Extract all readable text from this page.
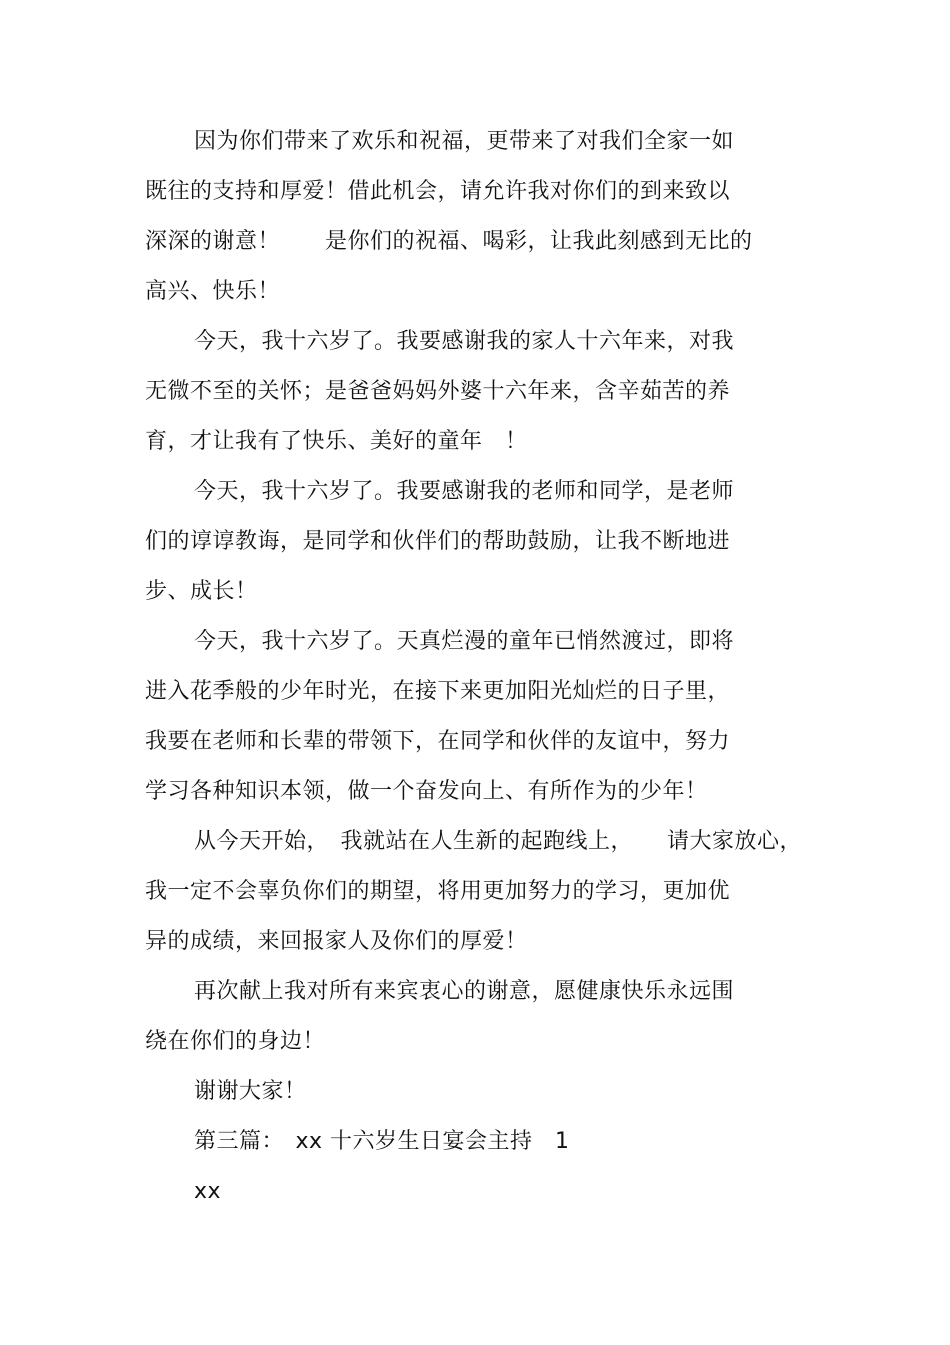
因为你们带来了欢乐和祝福，更带来了对我们全家一如
既往的支持和厚爱！借此机会，请允许我对你们的到来致以
深深的谢意！　　是你们的祝福、喝彩，让我此刻感到无比的
高兴、快乐！
今天，我十六岁了。我要感谢我的家人十六年来，对我
无微不至的关怀；是爸爸妈妈外婆十六年来，含辛茹苦的养
育，才让我有了快乐、美好的童年　！
今天，我十六岁了。我要感谢我的老师和同学，是老师
们的谆谆教诲，是同学和伙伴们的帮助鼓励，让我不断地进
步、成长！
今天，我十六岁了。天真烂漫的童年已悄然渡过，即将
进入花季般的少年时光，在接下来更加阳光灿烂的日子里，
我要在老师和长辈的带领下，在同学和伙伴的友谊中，努力
学习各种知识本领，做一个奋发向上、有所作为的少年！
从今天开始，　我就站在人生新的起跑线上，　　请大家放心，
我一定不会辜负你们的期望，将用更加努力的学习，更加优
异的成绩，来回报家人及你们的厚爱！
再次献上我对所有来宾衷心的谢意，愿健康快乐永远围
绕在你们的身边！
谢谢大家！
第三篇：　xx 十六岁生日宴会主持　1
xx
